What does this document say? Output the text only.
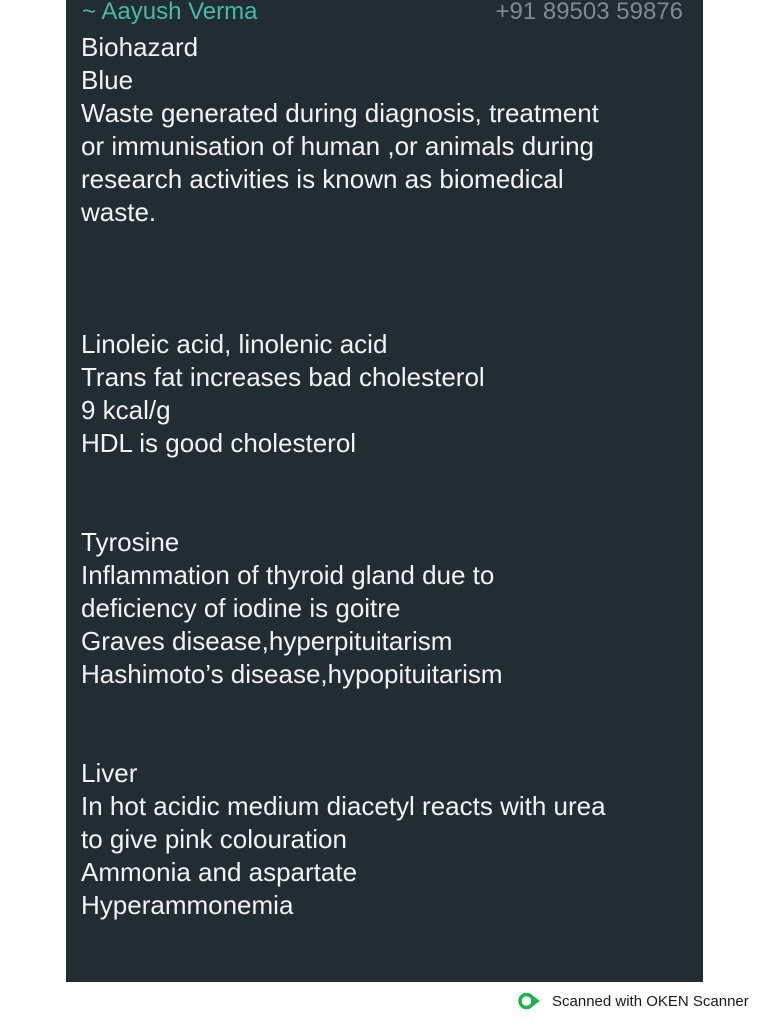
~ Aayush Verma	+91 89503 59876
Biohazard
Blue
Waste generated during diagnosis, treatment
or immunisation of human ,or animals during
research activities is known as biomedical
waste.
Linoleic acid, linolenic acid
Trans fat increases bad cholesterol
9 kcal/g
HDL is good cholesterol
Tyrosine
Inflammation of thyroid gland due to
deficiency of iodine is goitre
Graves disease,hyperpituitarism
Hashimoto’s disease,hypopituitarism
Liver
In hot acidic medium diacetyl reacts with urea
to give pink colouration
Ammonia and aspartate
Hyperammonemia
Scanned with OKEN Scanner
